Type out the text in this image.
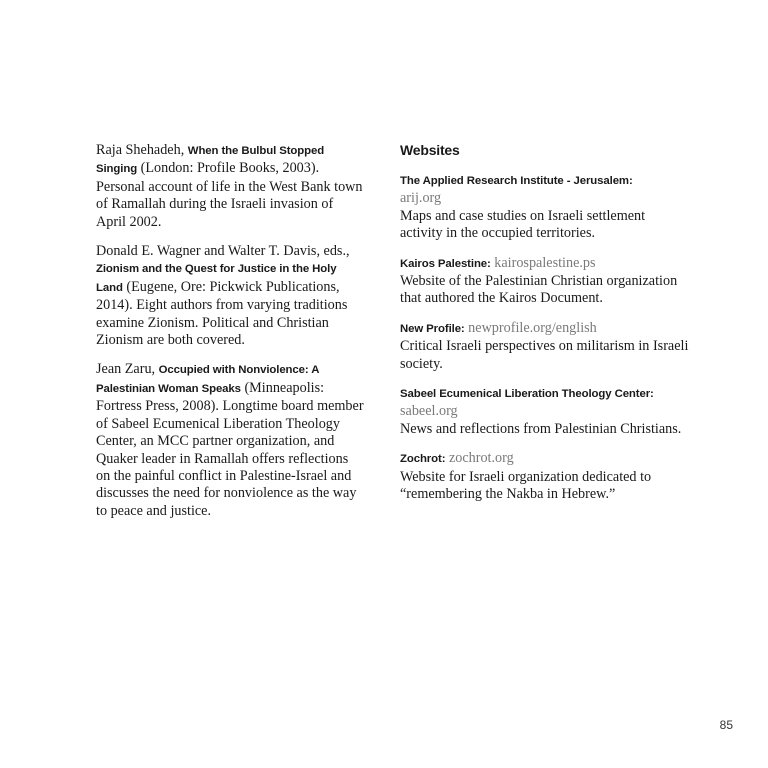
Raja Shehadeh, When the Bulbul Stopped Singing (London: Profile Books, 2003). Personal account of life in the West Bank town of Ramallah during the Israeli invasion of April 2002.

Donald E. Wagner and Walter T. Davis, eds., Zionism and the Quest for Justice in the Holy Land (Eugene, Ore: Pickwick Publications, 2014). Eight authors from varying traditions examine Zionism. Political and Christian Zionism are both covered.

Jean Zaru, Occupied with Nonviolence: A Palestinian Woman Speaks (Minneapolis: Fortress Press, 2008). Longtime board member of Sabeel Ecumenical Liberation Theology Center, an MCC partner organization, and Quaker leader in Ramallah offers reflections on the painful conflict in Palestine-Israel and discusses the need for nonviolence as the way to peace and justice.

Websites
The Applied Research Institute - Jerusalem:
arij.org

Maps and case studies on Israeli settlement activity in the occupied territories.

Kairos Palestine: kairospalestine.ps

Website of the Palestinian Christian organization that authored the Kairos Document.

New Profile: newprofile.org/english

Critical Israeli perspectives on militarism in Israeli society.

Sabeel Ecumenical Liberation Theology Center:
sabeel.org

News and reflections from Palestinian Christians.

Zochrot: zochrot.org

Website for Israeli organization dedicated to “remembering the Nakba in Hebrew.”

85
